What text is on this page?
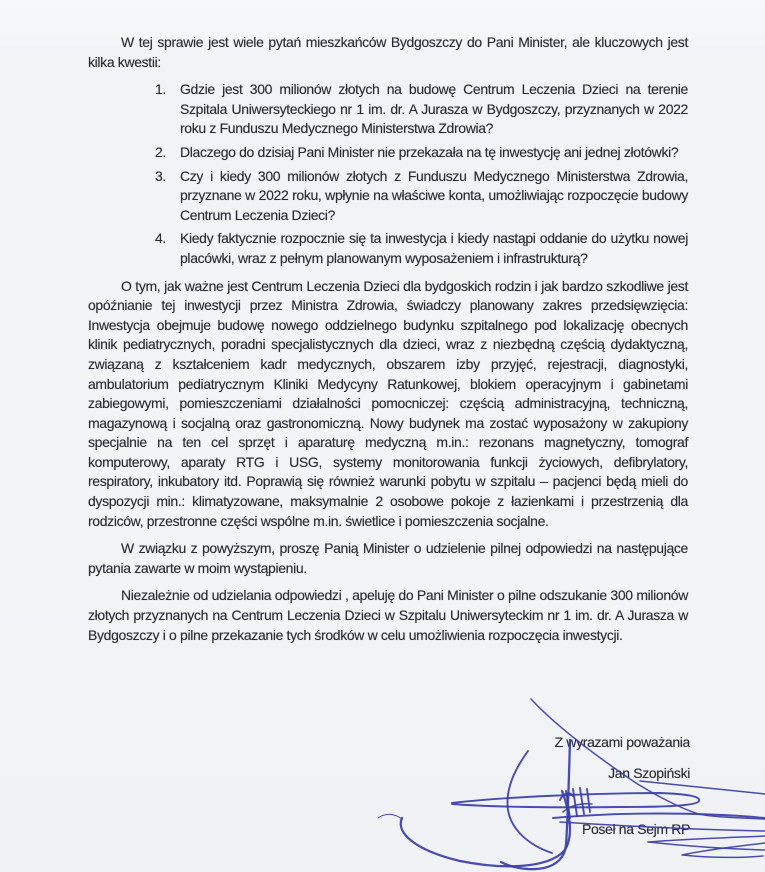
W tej sprawie jest wiele pytań mieszkańców Bydgoszczy do Pani Minister, ale kluczowych jest kilka kwestii:

1.	Gdzie jest 300 milionów złotych na budowę Centrum Leczenia Dzieci na terenie Szpitala Uniwersyteckiego nr 1 im. dr. A Jurasza w Bydgoszczy, przyznanych w 2022 roku z Funduszu Medycznego Ministerstwa Zdrowia?
2.	Dlaczego do dzisiaj Pani Minister nie przekazała na tę inwestycję ani jednej złotówki?
3.	Czy i kiedy 300 milionów złotych z Funduszu Medycznego Ministerstwa Zdrowia, przyznane w 2022 roku, wpłynie na właściwe konta, umożliwiając rozpoczęcie budowy Centrum Leczenia Dzieci?
4.	Kiedy faktycznie rozpocznie się ta inwestycja i kiedy nastąpi oddanie do użytku nowej placówki, wraz z pełnym planowanym wyposażeniem i infrastrukturą?

O tym, jak ważne jest Centrum Leczenia Dzieci dla bydgoskich rodzin i jak bardzo szkodliwe jest opóźnianie tej inwestycji przez Ministra Zdrowia, świadczy planowany zakres przedsięwzięcia: Inwestycja obejmuje budowę nowego oddzielnego budynku szpitalnego pod lokalizację obecnych klinik pediatrycznych, poradni specjalistycznych dla dzieci, wraz z niezbędną częścią dydaktyczną, związaną z kształceniem kadr medycznych, obszarem izby przyjęć, rejestracji, diagnostyki, ambulatorium pediatrycznym Kliniki Medycyny Ratunkowej, blokiem operacyjnym i gabinetami zabiegowymi, pomieszczeniami działalności pomocniczej: częścią administracyjną, techniczną, magazynową i socjalną oraz gastronomiczną. Nowy budynek ma zostać wyposażony w zakupiony specjalnie na ten cel sprzęt i aparaturę medyczną m.in.: rezonans magnetyczny, tomograf komputerowy, aparaty RTG i USG, systemy monitorowania funkcji życiowych, defibrylatory, respiratory, inkubatory itd. Poprawią się również warunki pobytu w szpitalu – pacjenci będą mieli do dyspozycji min.: klimatyzowane, maksymalnie 2 osobowe pokoje z łazienkami i przestrzenią dla rodziców, przestronne części wspólne m.in. świetlice i pomieszczenia socjalne.

W związku z powyższym, proszę Panią Minister o udzielenie pilnej odpowiedzi na następujące pytania zawarte w moim wystąpieniu.

Niezależnie od udzielania odpowiedzi , apeluję do Pani Minister o pilne odszukanie 300 milionów złotych przyznanych na Centrum Leczenia Dzieci w Szpitalu Uniwersyteckim nr 1 im. dr. A Jurasza w Bydgoszczy i o pilne przekazanie tych środków w celu umożliwienia rozpoczęcia inwestycji.

Z wyrazami poważania
Jan Szopiński
Poseł na Sejm RP
